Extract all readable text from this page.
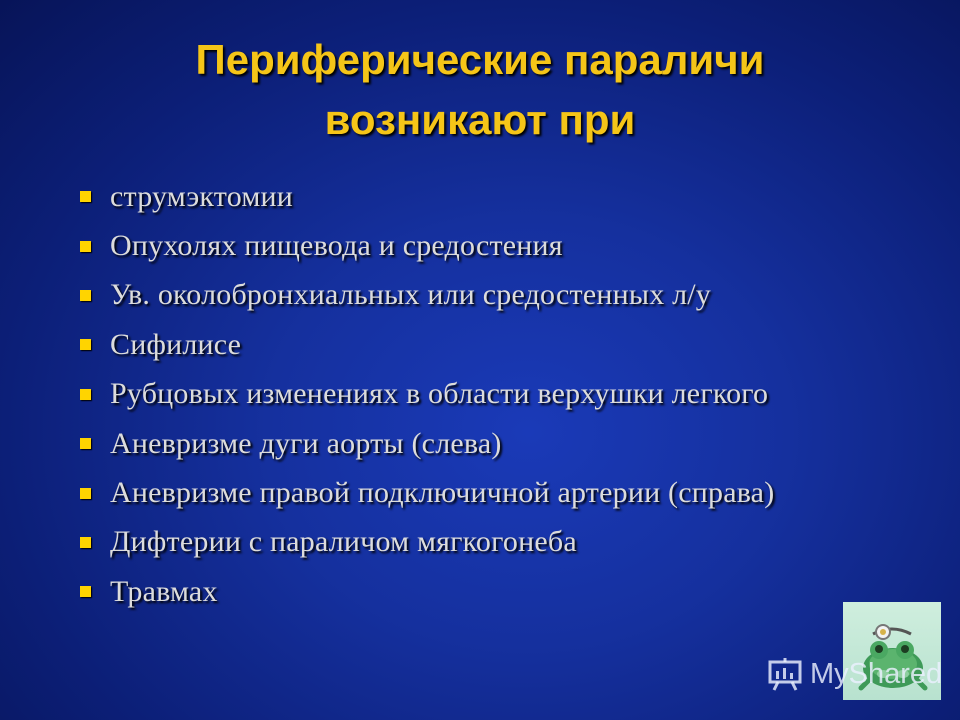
Периферические параличи
возникают при
струмэктомии
Опухолях пищевода и средостения
Ув. околобронхиальных или средостенных л/у
Сифилисе
Рубцовых изменениях в области верхушки легкого
Аневризме дуги аорты (слева)
Аневризме правой подключичной артерии (справа)
Дифтерии с параличом мягкогонеба
Травмах
MyShared
